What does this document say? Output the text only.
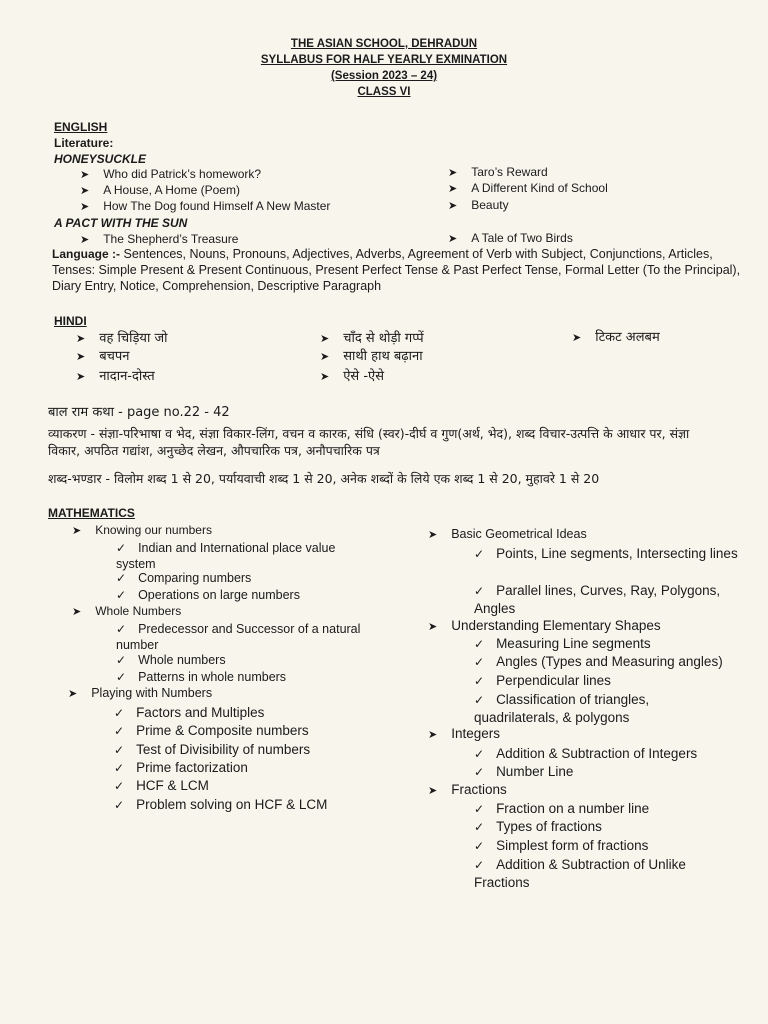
THE ASIAN SCHOOL, DEHRADUN
SYLLABUS FOR HALF YEARLY EXMINATION
(Session 2023 – 24)
CLASS VI
ENGLISH
Literature:
HONEYSUCKLE
➤ Who did Patrick’s homework?
➤ A House, A Home (Poem)
➤ How The Dog found Himself A New Master
➤ Taro’s Reward
➤ A Different Kind of School
➤ Beauty
A PACT WITH THE SUN
➤ The Shepherd’s Treasure
➤	A Tale of Two Birds
Language :- Sentences, Nouns, Pronouns, Adjectives, Adverbs, Agreement of Verb with Subject, Conjunctions, Articles, Tenses: Simple Present & Present Continuous, Present Perfect Tense & Past Perfect Tense, Formal Letter (To the Principal), Diary Entry, Notice, Comprehension, Descriptive Paragraph
HINDI
➤ वह चिड़िया जो
➤ बचपन
➤ नादान-दोस्त
➤ चाँद से थोड़ी गप्पें
➤ साथी हाथ बढ़ाना
➤ ऐसे -ऐसे
➤ टिकट अलबम
बाल राम कथा - page no.22 - 42
व्याकरण - संज्ञा-परिभाषा व भेद, संज्ञा विकार-लिंग, वचन व कारक, संधि (स्वर)-दीर्घ व गुण(अर्थ, भेद), शब्द विचार-उत्पत्ति के आधार पर, संज्ञा विकार, अपठित गद्यांश, अनुच्छेद लेखन, औपचारिक पत्र, अनौपचारिक पत्र
शब्द-भण्डार - विलोम शब्द 1 से 20, पर्यायवाची शब्द 1 से 20, अनेक शब्दों के लिये एक शब्द 1 से 20, मुहावरे 1 से 20
MATHEMATICS
➤ Knowing our numbers
✓ Indian and International place value system
✓ Comparing numbers
✓ Operations on large numbers
➤ Whole Numbers
✓ Predecessor and Successor of a natural number
✓ Whole numbers
✓ Patterns in whole numbers
➤ Playing with Numbers
✓ Factors and Multiples
✓ Prime & Composite numbers
✓ Test of Divisibility of numbers
✓ Prime factorization
✓ HCF & LCM
✓ Problem solving on HCF & LCM
➤ Basic Geometrical Ideas
✓ Points, Line segments, Intersecting lines
✓ Parallel lines, Curves, Ray, Polygons, Angles
➤ Understanding Elementary Shapes
✓ Measuring Line segments
✓ Angles (Types and Measuring angles)
✓ Perpendicular lines
✓ Classification of triangles, quadrilaterals, & polygons
➤ Integers
✓ Addition & Subtraction of Integers
✓ Number Line
➤ Fractions
✓ Fraction on a number line
✓ Types of fractions
✓ Simplest form of fractions
✓ Addition & Subtraction of Unlike Fractions
